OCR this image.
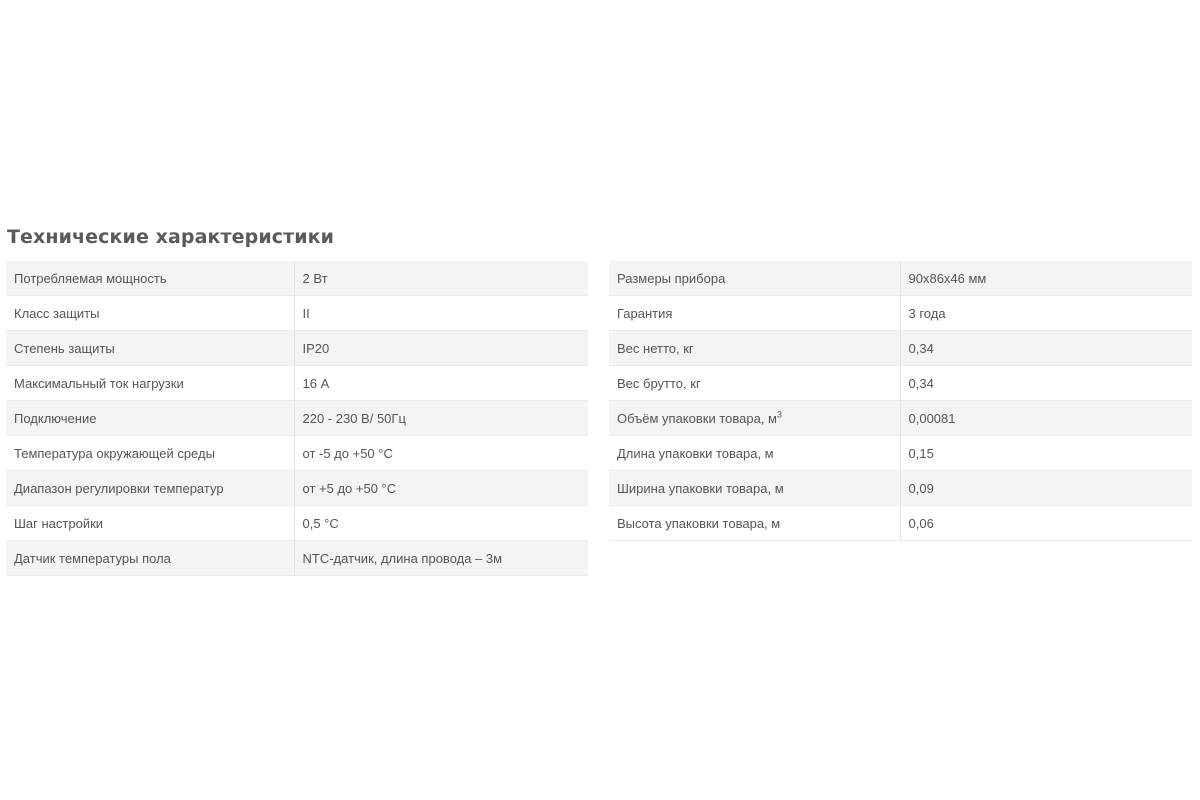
Технические характеристики
Потребляемая мощность	2 Вт
Класс защиты	II
Степень защиты	IP20
Максимальный ток нагрузки	16 А
Подключение	220 - 230 В/ 50Гц
Температура окружающей среды	от -5 до +50 °С
Диапазон регулировки температур	от +5 до +50 °С
Шаг настройки	0,5 °С
Датчик температуры пола	NTC-датчик, длина провода – 3м
Размеры прибора	90x86x46 мм
Гарантия	3 года
Вес нетто, кг	0,34
Вес брутто, кг	0,34
Объём упаковки товара, $м^3$	0,00081
Длина упаковки товара, м	0,15
Ширина упаковки товара, м	0,09
Высота упаковки товара, м	0,06
